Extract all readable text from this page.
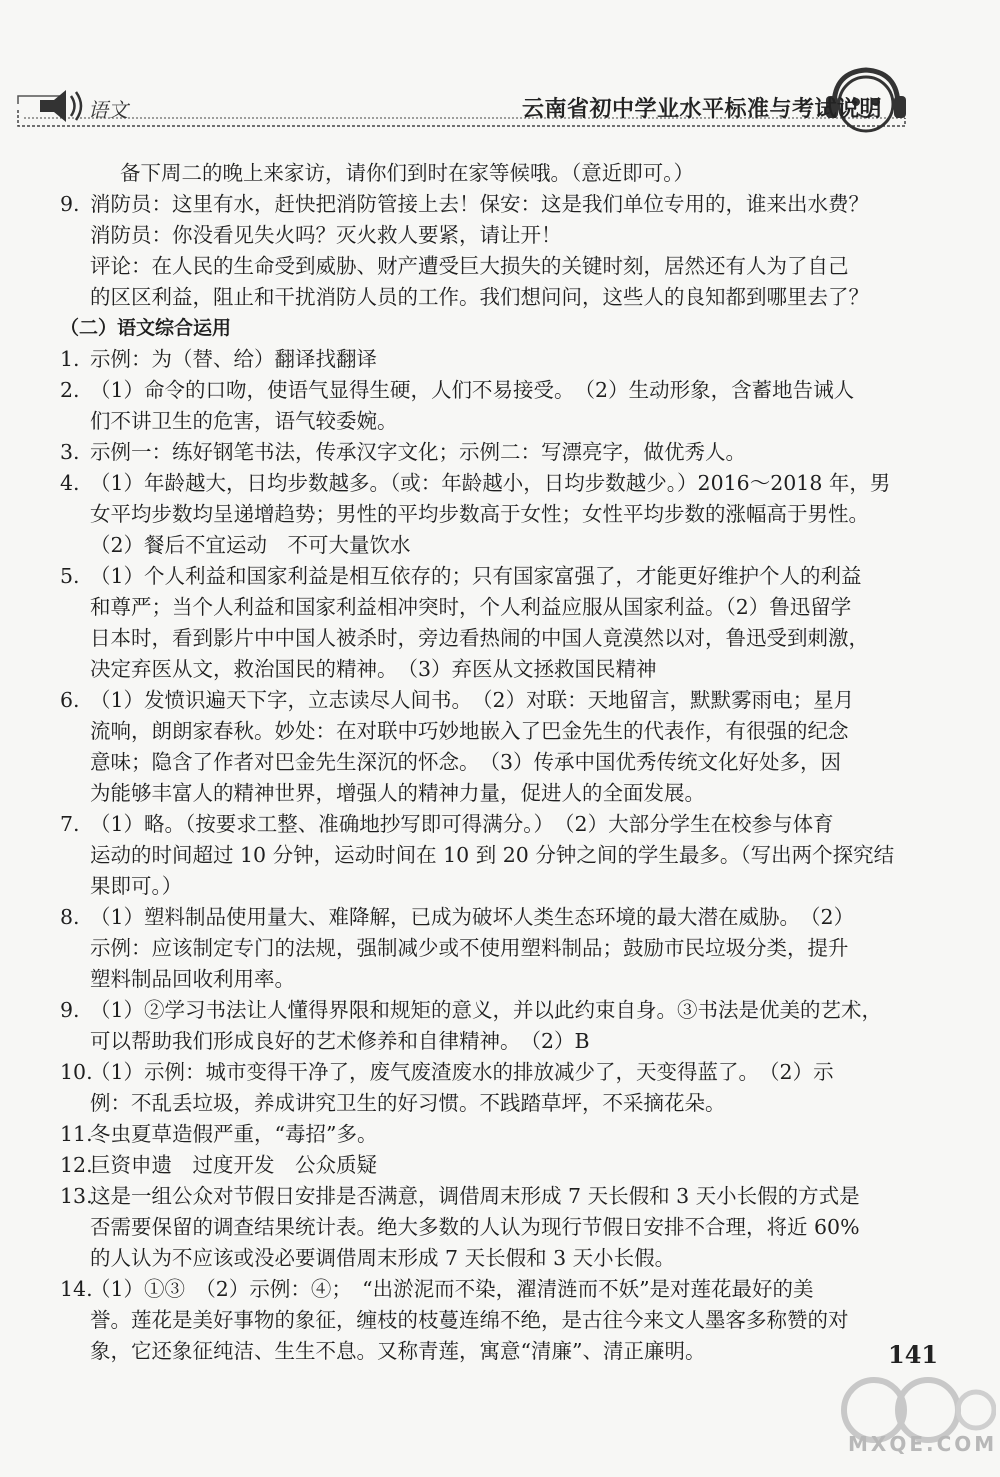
语文	云南省初中学业水平标准与考试说明
备下周二的晚上来家访，请你们到时在家等候哦。（意近即可。）
9. 消防员：这里有水，赶快把消防管接上去！保安：这是我们单位专用的，谁来出水费？
消防员：你没看见失火吗？灭火救人要紧，请让开！
评论：在人民的生命受到威胁、财产遭受巨大损失的关键时刻，居然还有人为了自己
的区区利益，阻止和干扰消防人员的工作。我们想问问，这些人的良知都到哪里去了？
（二）语文综合运用
1. 示例：为（替、给）翻译找翻译
2. （1）命令的口吻，使语气显得生硬，人们不易接受。　（2）生动形象，含蓄地告诫人
们不讲卫生的危害，语气较委婉。
3. 示例一：练好钢笔书法，传承汉字文化；示例二：写漂亮字，做优秀人。
4. （1）年龄越大，日均步数越多。（或：年龄越小，日均步数越少。）2016～2018 年，男
女平均步数均呈递增趋势；男性的平均步数高于女性；女性平均步数的涨幅高于男性。
（2）餐后不宜运动　不可大量饮水
5. （1）个人利益和国家利益是相互依存的；只有国家富强了，才能更好维护个人的利益
和尊严；当个人利益和国家利益相冲突时，个人利益应服从国家利益。（2）鲁迅留学
日本时，看到影片中中国人被杀时，旁边看热闹的中国人竟漠然以对，鲁迅受到刺激，
决定弃医从文，救治国民的精神。　（3）弃医从文拯救国民精神
6. （1）发愤识遍天下字，立志读尽人间书。　（2）对联：天地留言，默默雾雨电；星月
流响，朗朗家春秋。妙处：在对联中巧妙地嵌入了巴金先生的代表作，有很强的纪念
意味；隐含了作者对巴金先生深沉的怀念。　（3）传承中国优秀传统文化好处多，因
为能够丰富人的精神世界，增强人的精神力量，促进人的全面发展。
7. （1）略。（按要求工整、准确地抄写即可得满分。）　（2）大部分学生在校参与体育
运动的时间超过 10 分钟，运动时间在 10 到 20 分钟之间的学生最多。（写出两个探究结
果即可。）
8. （1）塑料制品使用量大、难降解，已成为破坏人类生态环境的最大潜在威胁。　（2）
示例：应该制定专门的法规，强制减少或不使用塑料制品；鼓励市民垃圾分类，提升
塑料制品回收利用率。
9. （1）②学习书法让人懂得界限和规矩的意义，并以此约束自身。③书法是优美的艺术，
可以帮助我们形成良好的艺术修养和自律精神。　（2）B
10.
（1）示例：城市变得干净了，废气废渣废水的排放减少了，天变得蓝了。　（2）示
例：不乱丢垃圾，养成讲究卫生的好习惯。不践踏草坪，不采摘花朵。
11.
冬虫夏草造假严重，“毒招”多。
12.
巨资申遗　过度开发　公众质疑
13.
这是一组公众对节假日安排是否满意，调借周末形成 7 天长假和 3 天小长假的方式是
否需要保留的调查结果统计表。绝大多数的人认为现行节假日安排不合理，将近 60%
的人认为不应该或没必要调借周末形成 7 天长假和 3 天小长假。
14.
（1）①③　（2）示例：④；　“出淤泥而不染，濯清涟而不妖”是对莲花最好的美
誉。莲花是美好事物的象征，缠枝的枝蔓连绵不绝，是古往今来文人墨客多称赞的对
象，它还象征纯洁、生生不息。又称青莲，寓意“清廉”、清正廉明。	141
MXQE.COM
